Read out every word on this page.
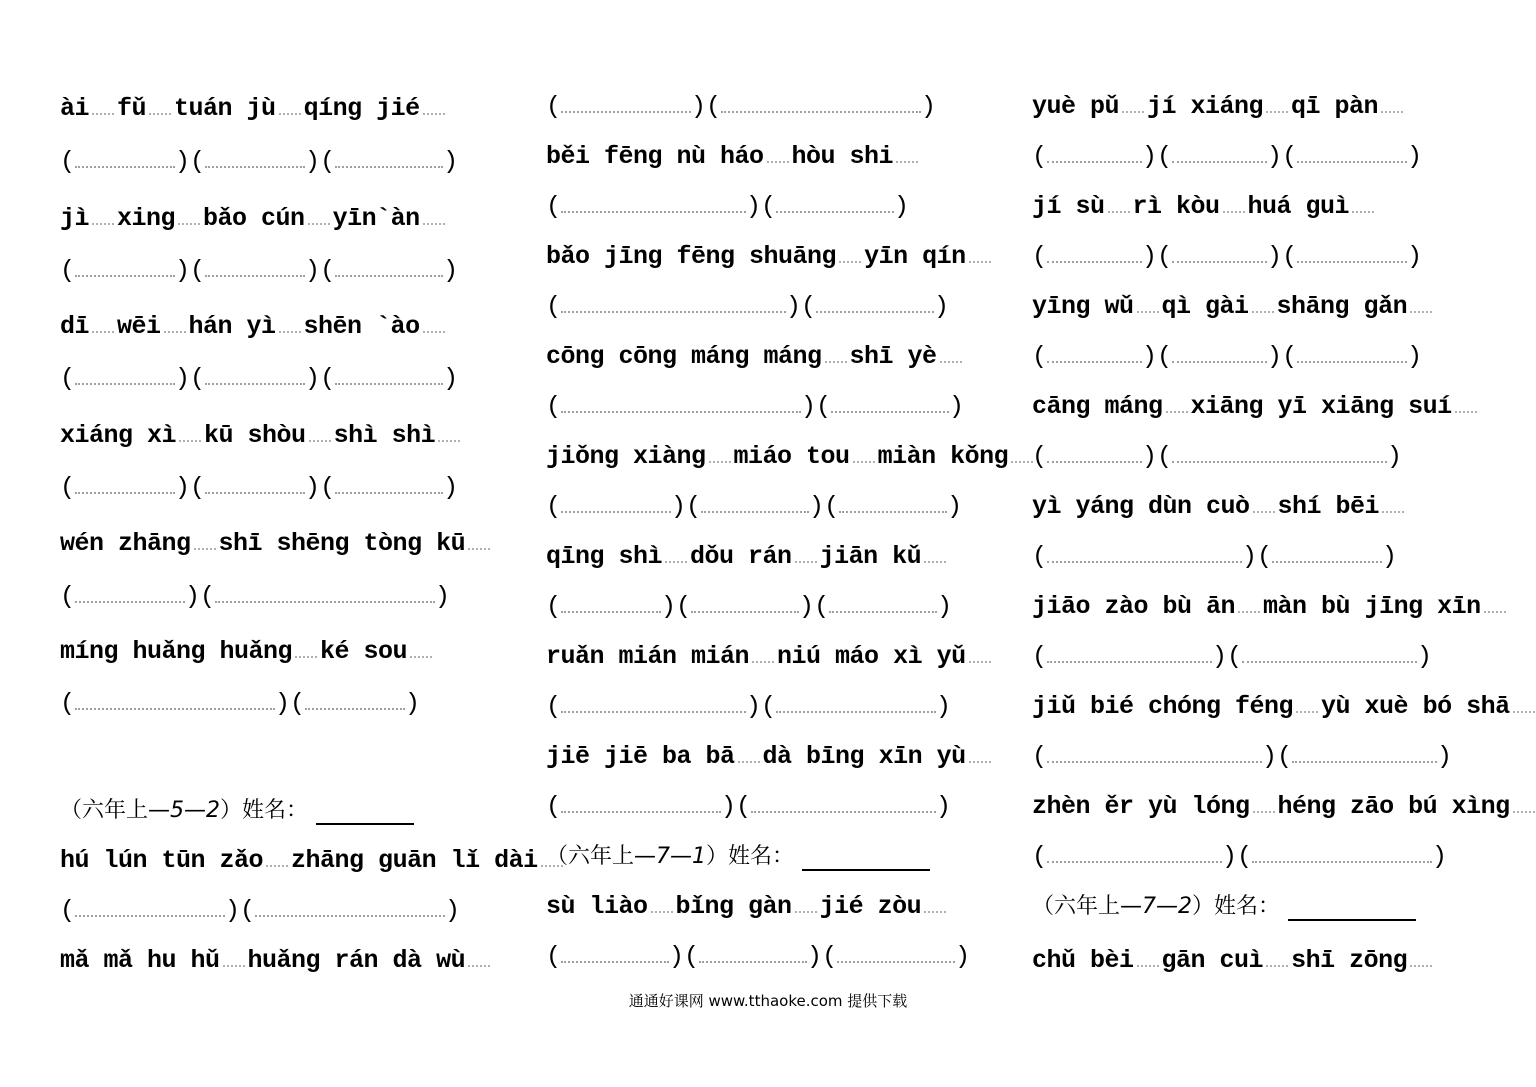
ài fǔ tuán jù qíng jié
(	)(	)(	)
jì xing bǎo cún yīn`àn
(	)(	)(	)
dī wēi hán yì shēn `ào
(	)(	)(	)
xiáng xì kū shòu shì shì
(	)(	)(	)
wén zhāng shī shēng tòng kū
(	)(	)
míng huǎng huǎng ké sou
(	)(	)
（六年上—5—2）姓名：
hú lún tūn zǎo zhāng guān lǐ dài
(	)(	)
mǎ mǎ hu hǔ huǎng rán dà wù
(	)(	)
běi fēng nù háo hòu shi
(	)(	)
bǎo jīng fēng shuāng yīn qín
(	)(	)
cōng cōng máng máng shī yè
(	)(	)
jiǒng xiàng miáo tou miàn kǒng
(	)(	)(	)
qīng shì dǒu rán jiān kǔ
(	)(	)(	)
ruǎn mián mián niú máo xì yǔ
(	)(	)
jiē jiē ba bā dà bīng xīn yù
(	)(	)
（六年上—7—1）姓名：
sù liào bǐng gàn jié zòu
(	)(	)(	)
yuè pǔ jí xiáng qī pàn
(	)(	)(	)
jí sù rì kòu huá guì
(	)(	)(	)
yīng wǔ qì gài shāng gǎn
(	)(	)(	)
cāng máng xiāng yī xiāng suí
(	)(	)
yì yáng dùn cuò shí bēi
(	)(	)
jiāo zào bù ān màn bù jīng xīn
(	)(	)
jiǔ bié chóng féng yù xuè bó shā
(	)(	)
zhèn ěr yù lóng héng zāo bú xìng
(	)(	)
（六年上—7—2）姓名：
chǔ bèi gān cuì shī zōng
通通好课网 www.tthaoke.com 提供下载
